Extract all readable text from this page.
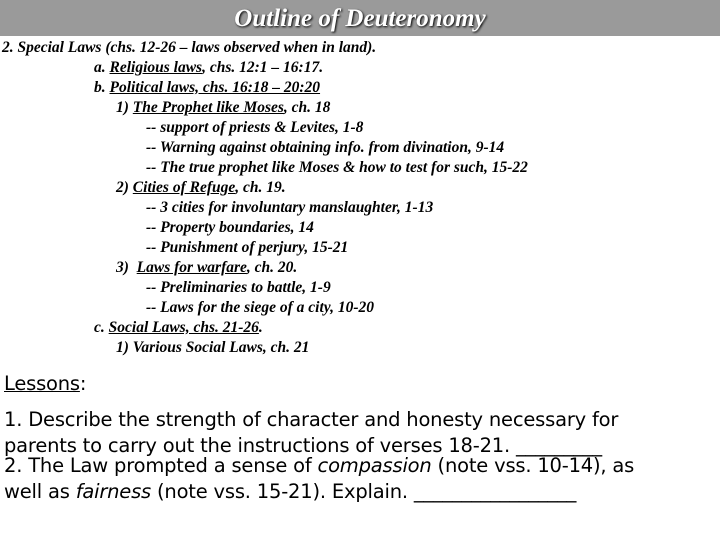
Outline of Deuteronomy
2. Special Laws (chs. 12-26 – laws observed when in land).
a. Religious laws, chs. 12:1 – 16:17.
b. Political laws, chs. 16:18 – 20:20
1) The Prophet like Moses, ch. 18
-- support of priests & Levites, 1-8
-- Warning against obtaining info. from divination, 9-14
-- The true prophet like Moses & how to test for such, 15-22
2) Cities of Refuge, ch. 19.
-- 3 cities for involuntary manslaughter, 1-13
-- Property boundaries, 14
-- Punishment of perjury, 15-21
3)  Laws for warfare, ch. 20.
-- Preliminaries to battle, 1-9
-- Laws for the siege of a city, 10-20
c. Social Laws, chs. 21-26.
1) Various Social Laws, ch. 21
Lessons:
1. Describe the strength of character and honesty necessary for
parents to carry out the instructions of verses 18-21. _________
2. The Law prompted a sense of compassion (note vss. 10-14), as
well as fairness (note vss. 15-21). Explain. _________________
